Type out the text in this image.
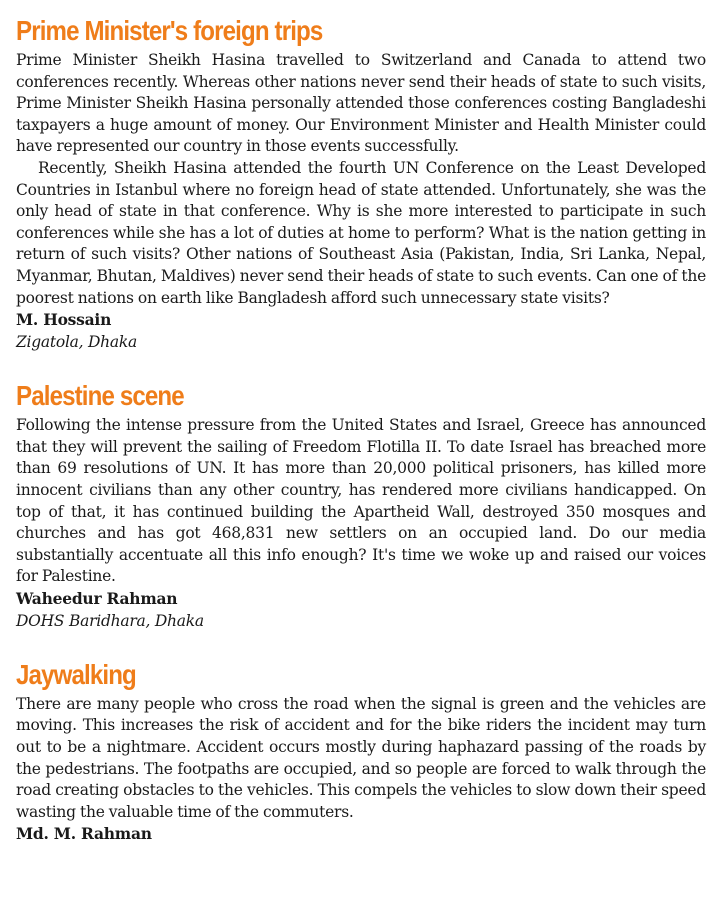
Prime Minister's foreign trips

Prime Minister Sheikh Hasina travelled to Switzerland and Canada to attend two conferences recently. Whereas other nations never send their heads of state to such visits, Prime Minister Sheikh Hasina personally attended those conferences costing Bangladeshi taxpayers a huge amount of money. Our Environment Minister and Health Minister could have represented our country in those events successfully.

Recently, Sheikh Hasina attended the fourth UN Conference on the Least Developed Countries in Istanbul where no foreign head of state attended. Unfortunately, she was the only head of state in that conference. Why is she more interested to participate in such conferences while she has a lot of duties at home to perform? What is the nation getting in return of such visits? Other nations of Southeast Asia (Pakistan, India, Sri Lanka, Nepal, Myanmar, Bhutan, Maldives) never send their heads of state to such events. Can one of the poorest nations on earth like Bangladesh afford such unnecessary state visits?

M. Hossain

Zigatola, Dhaka

Palestine scene

Following the intense pressure from the United States and Israel, Greece has announced that they will prevent the sailing of Freedom Flotilla II. To date Israel has breached more than 69 resolutions of UN. It has more than 20,000 political prisoners, has killed more innocent civilians than any other country, has rendered more civilians handicapped. On top of that, it has continued building the Apartheid Wall, destroyed 350 mosques and churches and has got 468,831 new settlers on an occupied land. Do our media substantially accentuate all this info enough? It's time we woke up and raised our voices for Palestine.

Waheedur Rahman

DOHS Baridhara, Dhaka

Jaywalking

There are many people who cross the road when the signal is green and the vehicles are moving. This increases the risk of accident and for the bike riders the incident may turn out to be a nightmare. Accident occurs mostly during haphazard passing of the roads by the pedestrians. The footpaths are occupied, and so people are forced to walk through the road creating obstacles to the vehicles. This compels the vehicles to slow down their speed wasting the valuable time of the commuters.

Md. M. Rahman
